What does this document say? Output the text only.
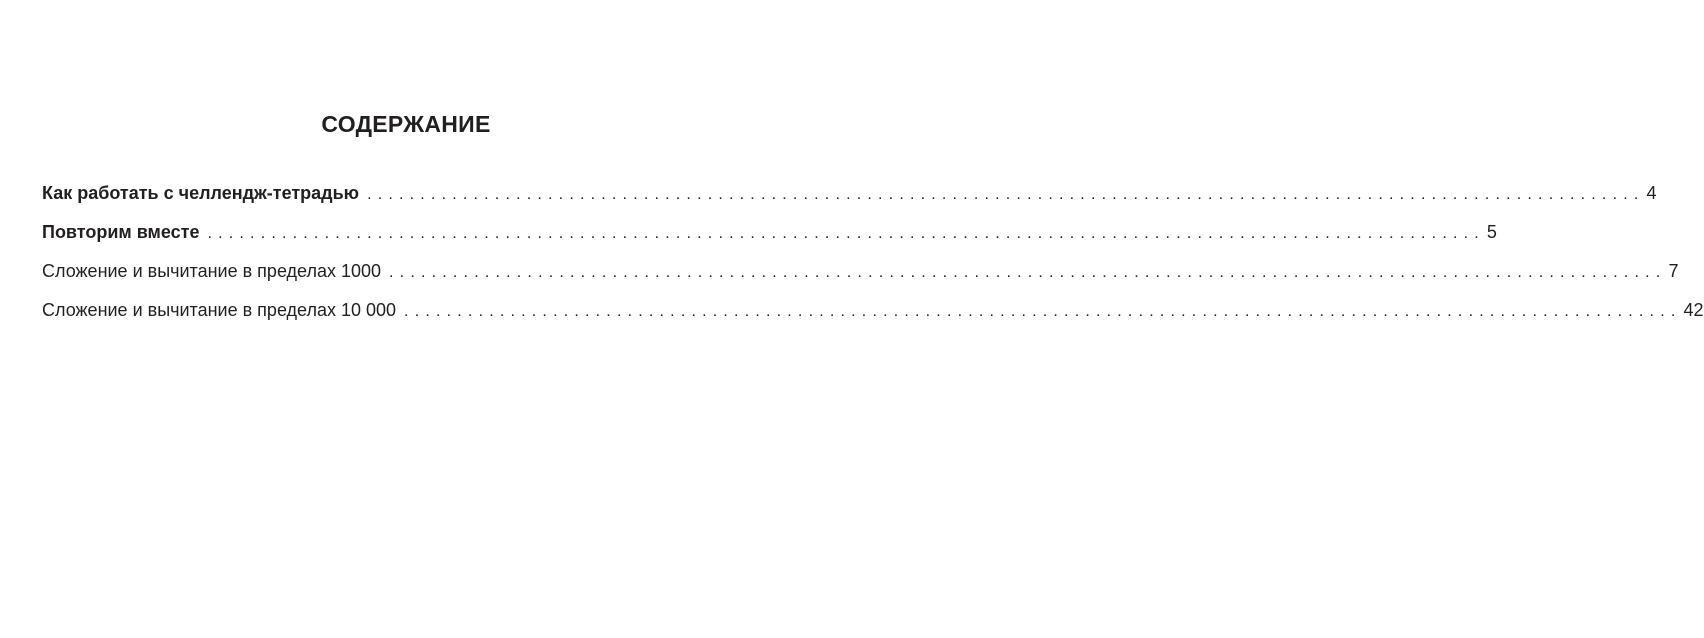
СОДЕРЖАНИЕ
Как работать с челлендж-тетрадью ........................................................................................................................ 4
Повторим вместе ........................................................................................................................ 5
Сложение и вычитание в пределах 1000 ........................................................................................................................ 7
Сложение и вычитание в пределах 10 000 ........................................................................................................................ 42
